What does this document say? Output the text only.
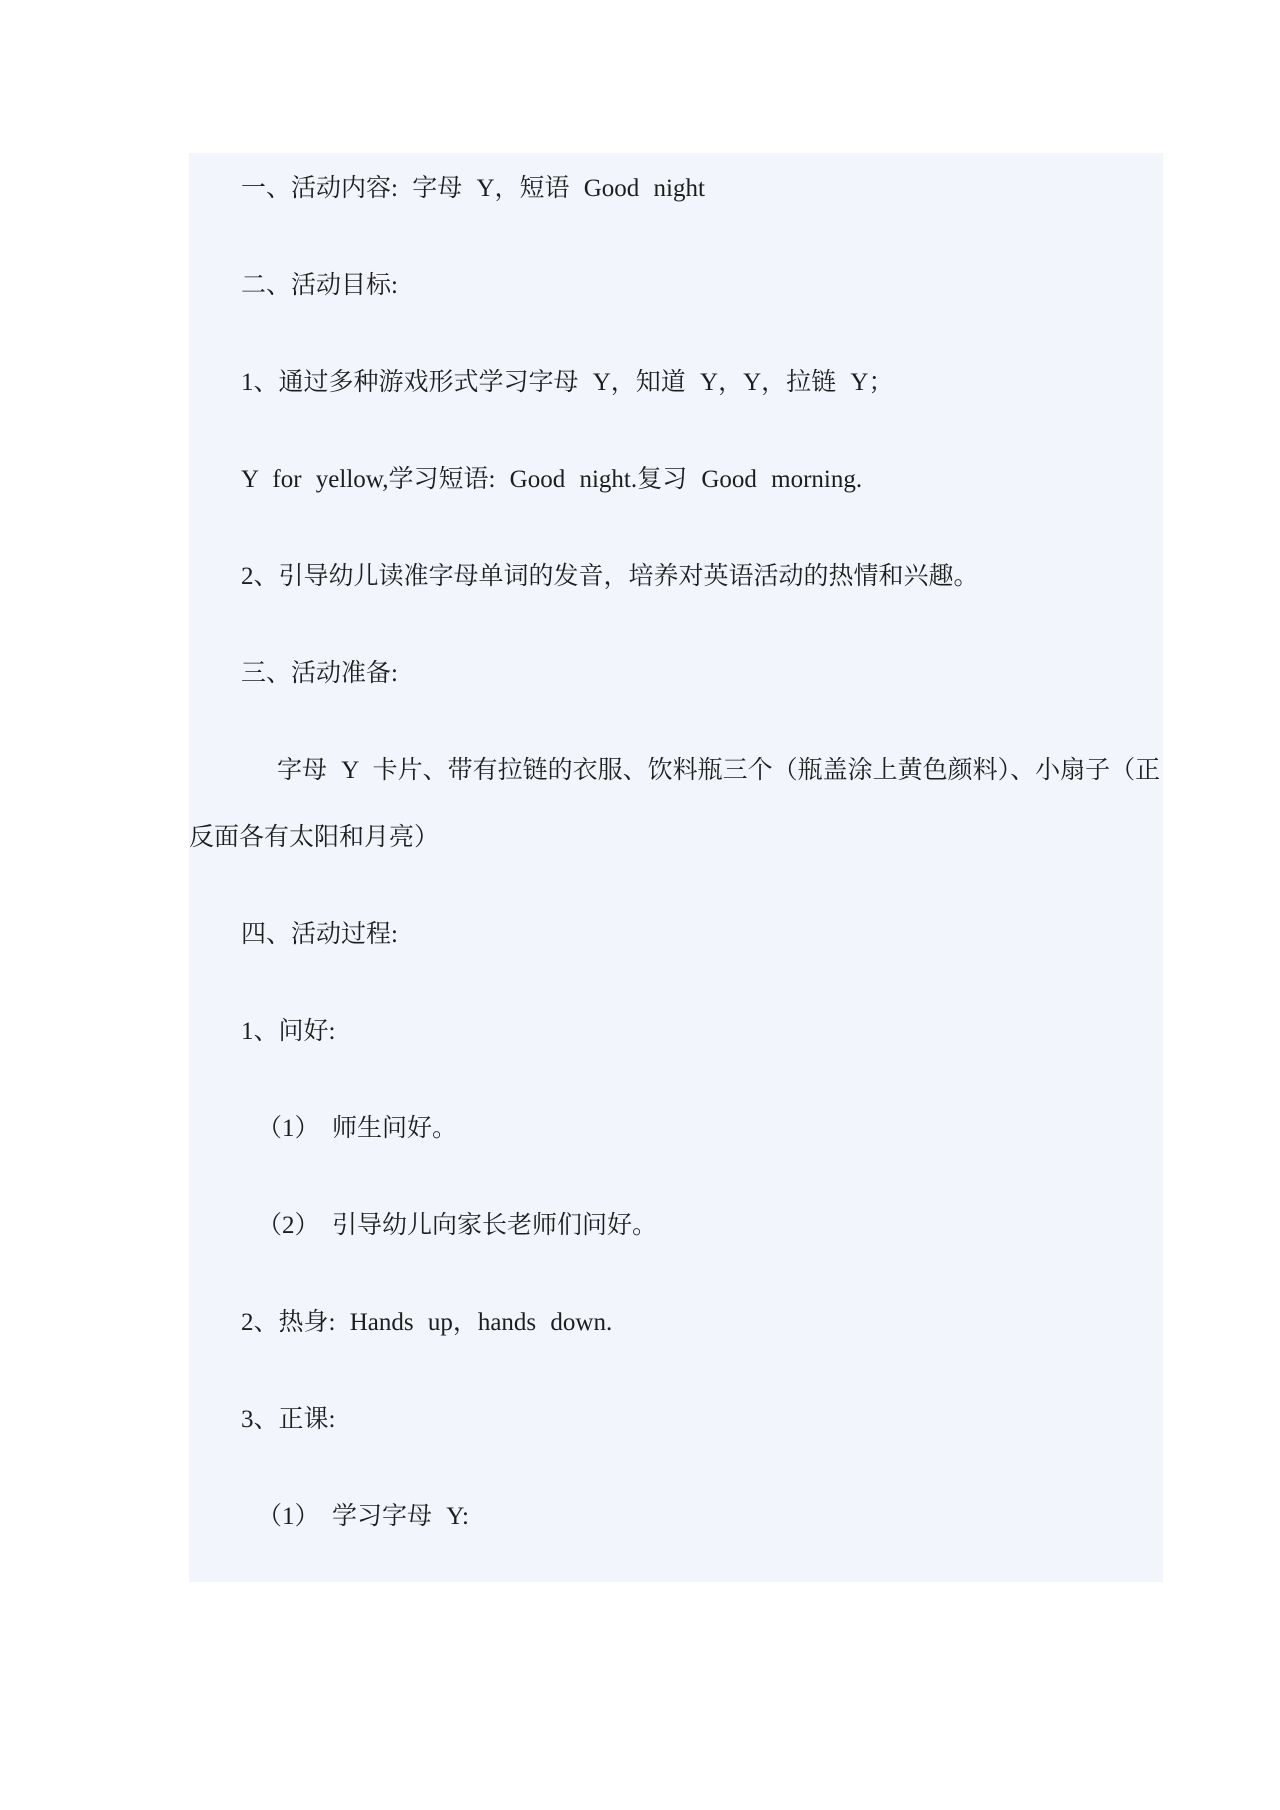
一、活动内容: 字母 Y，短语 Good night

二、活动目标:

1、通过多种游戏形式学习字母 Y，知道 Y，Y，拉链 Y；

Y for yellow,学习短语: Good night.复习 Good morning.

2、引导幼儿读准字母单词的发音，培养对英语活动的热情和兴趣。

三、活动准备:

字母 Y 卡片、带有拉链的衣服、饮料瓶三个（瓶盖涂上黄色颜料）、小扇子（正
反面各有太阳和月亮）

四、活动过程:

1、问好:

（1）　师生问好。

（2）　引导幼儿向家长老师们问好。

2、热身: Hands up，hands down.

3、正课:

（1）　学习字母 Y:
